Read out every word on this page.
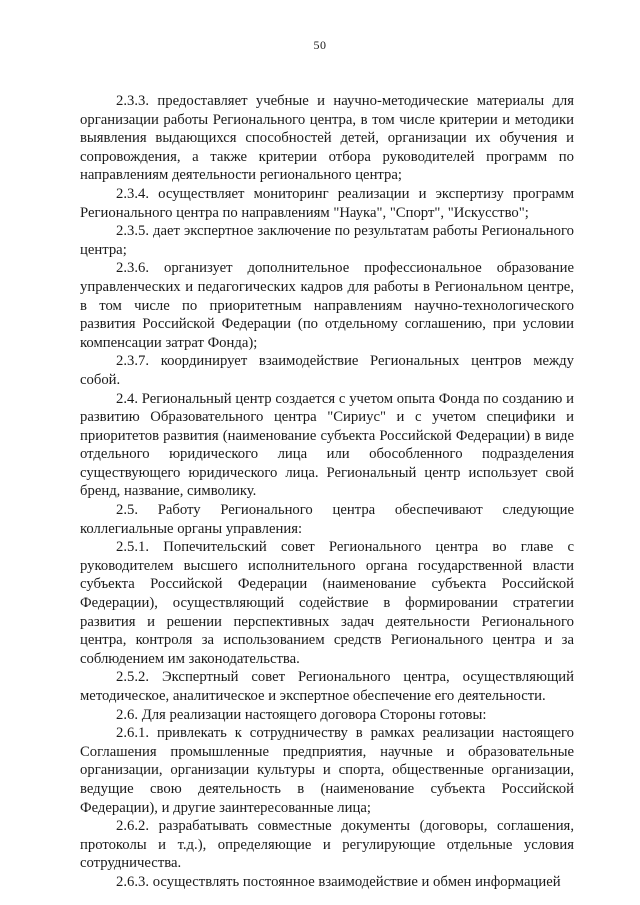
50

2.3.3. предоставляет учебные и научно-методические материалы для организации работы Регионального центра, в том числе критерии и методики выявления выдающихся способностей детей, организации их обучения и сопровождения, а также критерии отбора руководителей программ по направлениям деятельности регионального центра;

2.3.4. осуществляет мониторинг реализации и экспертизу программ Регионального центра по направлениям "Наука", "Спорт", "Искусство";

2.3.5. дает экспертное заключение по результатам работы Регионального центра;

2.3.6. организует дополнительное профессиональное образование управленческих и педагогических кадров для работы в Региональном центре, в том числе по приоритетным направлениям научно-технологического развития Российской Федерации (по отдельному соглашению, при условии компенсации затрат Фонда);

2.3.7. координирует взаимодействие Региональных центров между собой.

2.4. Региональный центр создается с учетом опыта Фонда по созданию и развитию Образовательного центра "Сириус" и с учетом специфики и приоритетов развития (наименование субъекта Российской Федерации) в виде отдельного юридического лица или обособленного подразделения существующего юридического лица. Региональный центр использует свой бренд, название, символику.

2.5. Работу Регионального центра обеспечивают следующие коллегиальные органы управления:

2.5.1. Попечительский совет Регионального центра во главе с руководителем высшего исполнительного органа государственной власти субъекта Российской Федерации (наименование субъекта Российской Федерации), осуществляющий содействие в формировании стратегии развития и решении перспективных задач деятельности Регионального центра, контроля за использованием средств Регионального центра и за соблюдением им законодательства.

2.5.2. Экспертный совет Регионального центра, осуществляющий методическое, аналитическое и экспертное обеспечение его деятельности.

2.6. Для реализации настоящего договора Стороны готовы:

2.6.1. привлекать к сотрудничеству в рамках реализации настоящего Соглашения промышленные предприятия, научные и образовательные организации, организации культуры и спорта, общественные организации, ведущие свою деятельность в (наименование субъекта Российской Федерации), и другие заинтересованные лица;

2.6.2. разрабатывать совместные документы (договоры, соглашения, протоколы и т.д.), определяющие и регулирующие отдельные условия сотрудничества.

2.6.3. осуществлять постоянное взаимодействие и обмен информацией
